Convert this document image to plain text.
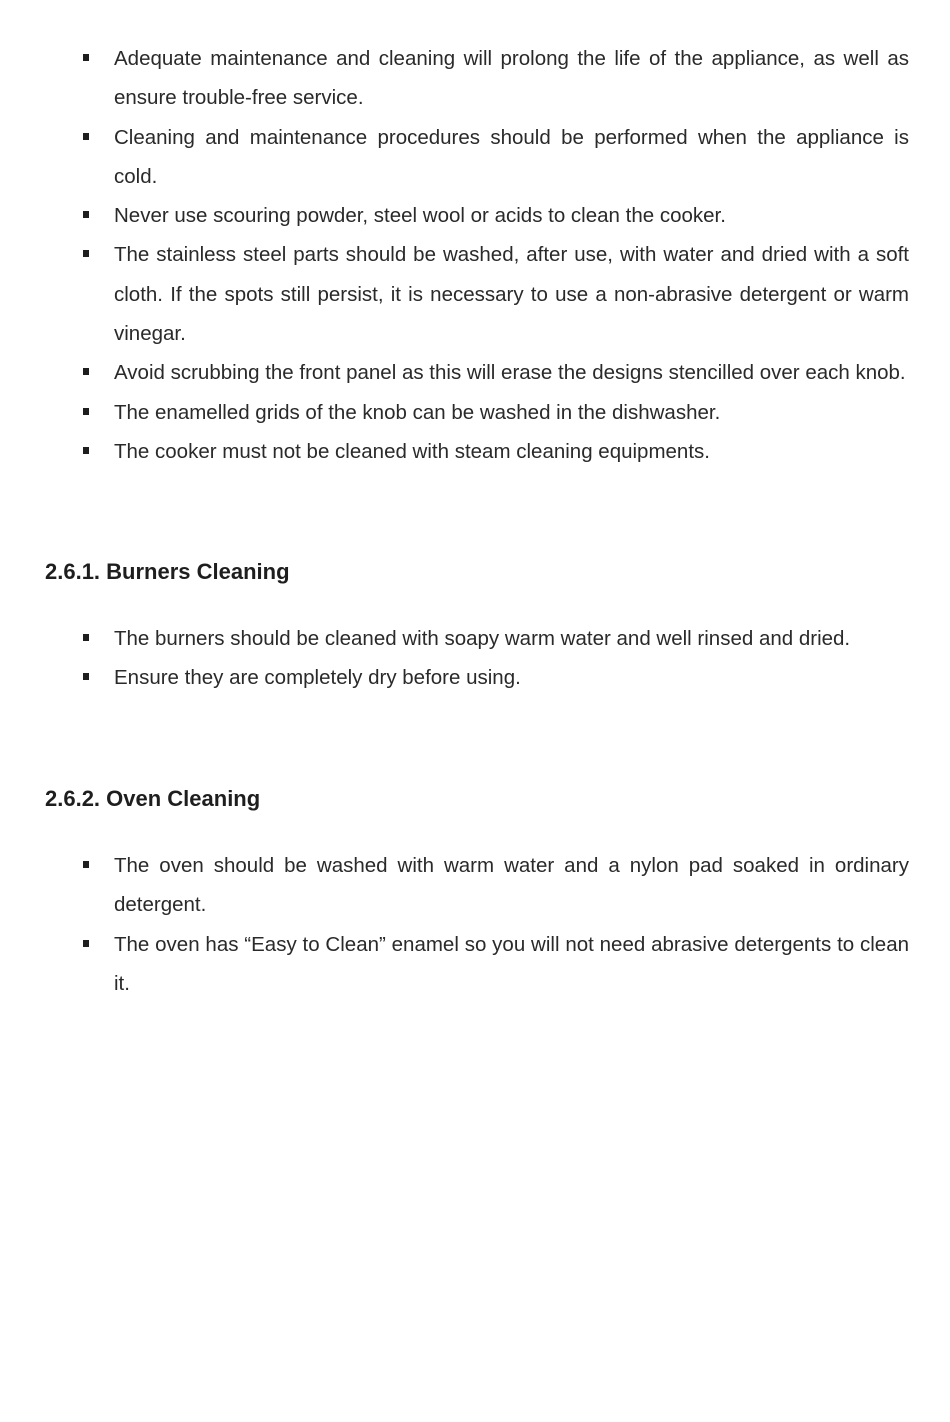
Adequate maintenance and cleaning will prolong the life of the appliance, as well as ensure trouble-free service.
Cleaning and maintenance procedures should be performed when the appliance is cold.
Never use scouring powder, steel wool or acids to clean the cooker.
The stainless steel parts should be washed, after use, with water and dried with a soft cloth. If the spots still persist, it is necessary to use a non-abrasive detergent or warm vinegar.
Avoid scrubbing the front panel as this will erase the designs stencilled over each knob.
The enamelled grids of the knob can be washed in the dishwasher.
The cooker must not be cleaned with steam cleaning equipments.
2.6.1. Burners Cleaning
The burners should be cleaned with soapy warm water and well rinsed and dried.
Ensure they are completely dry before using.
2.6.2. Oven Cleaning
The oven should be washed with warm water and a nylon pad soaked in ordinary detergent.
The oven has “Easy to Clean” enamel so you will not need abrasive detergents to clean it.
